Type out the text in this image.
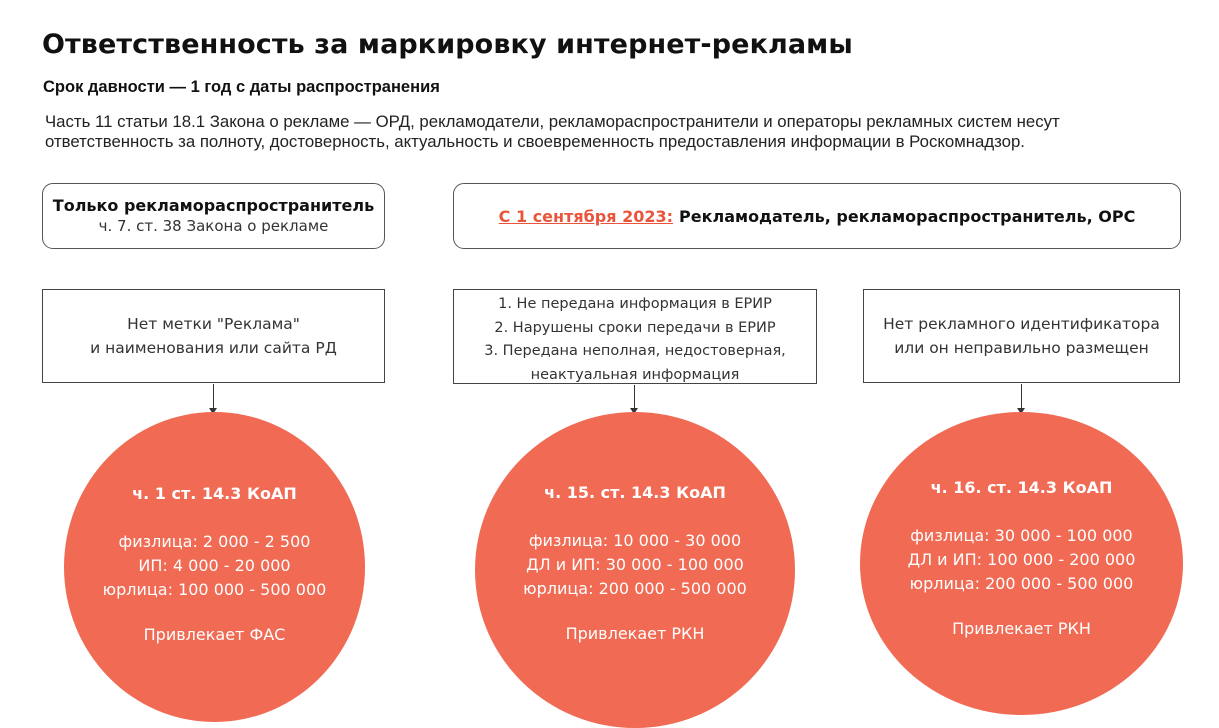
Ответственность за маркировку интернет-рекламы
Срок давности — 1 год с даты распространения
Часть 11 статьи 18.1 Закона о рекламе — ОРД, рекламодатели, рекламораспространители и операторы рекламных систем несут ответственность за полноту, достоверность, актуальность и своевременность предоставления информации в Роскомнадзор.
Только рекламораспространитель
ч. 7. ст. 38 Закона о рекламе
С 1 сентября 2023: Рекламодатель, рекламораспространитель, ОРС
Нет метки "Реклама"
и наименования или сайта РД
1. Не передана информация в ЕРИР
2. Нарушены сроки передачи в ЕРИР
3. Передана неполная, недостоверная,
неактуальная информация
Нет рекламного идентификатора
или он неправильно размещен
ч. 1 ст. 14.3 КоАП
физлица: 2 000 - 2 500
ИП: 4 000 - 20 000
юрлица: 100 000 - 500 000
Привлекает ФАС
ч. 15. ст. 14.3 КоАП
физлица: 10 000 - 30 000
ДЛ и ИП: 30 000 - 100 000
юрлица: 200 000 - 500 000
Привлекает РКН
ч. 16. ст. 14.3 КоАП
физлица: 30 000 - 100 000
ДЛ и ИП: 100 000 - 200 000
юрлица: 200 000 - 500 000
Привлекает РКН
